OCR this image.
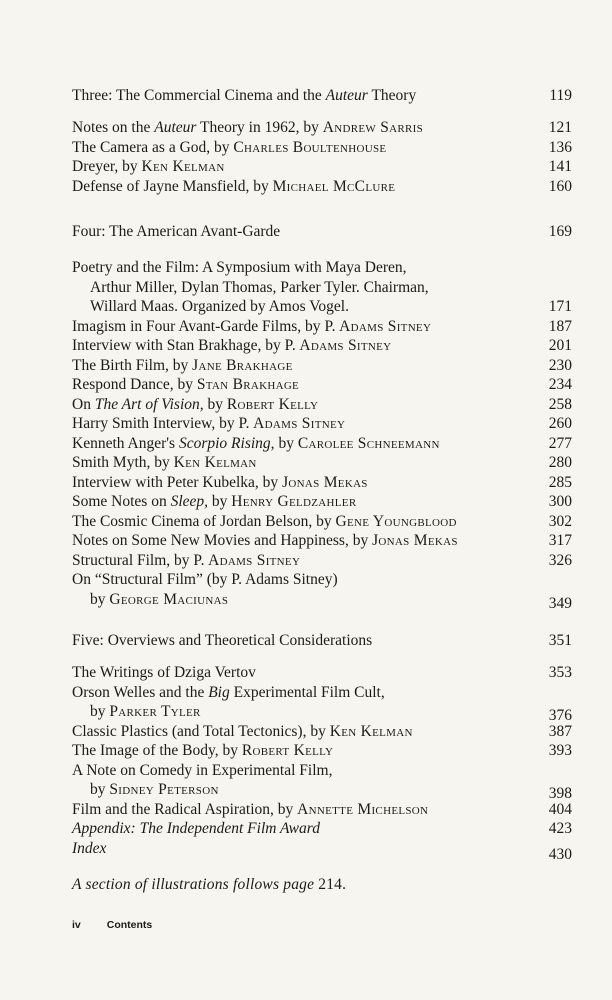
Three: The Commercial Cinema and the Auteur Theory	119
Notes on the Auteur Theory in 1962, by Andrew Sarris	121
The Camera as a God, by Charles Boultenhouse	136
Dreyer, by Ken Kelman	141
Defense of Jayne Mansfield, by Michael McClure	160
Four: The American Avant-Garde	169
Poetry and the Film: A Symposium with Maya Deren,
Arthur Miller, Dylan Thomas, Parker Tyler. Chairman,
Willard Maas. Organized by Amos Vogel.	171
Imagism in Four Avant-Garde Films, by P. Adams Sitney	187
Interview with Stan Brakhage, by P. Adams Sitney	201
The Birth Film, by Jane Brakhage	230
Respond Dance, by Stan Brakhage	234
On The Art of Vision, by Robert Kelly	258
Harry Smith Interview, by P. Adams Sitney	260
Kenneth Anger's Scorpio Rising, by Carolee Schneemann	277
Smith Myth, by Ken Kelman	280
Interview with Peter Kubelka, by Jonas Mekas	285
Some Notes on Sleep, by Henry Geldzahler	300
The Cosmic Cinema of Jordan Belson, by Gene Youngblood	302
Notes on Some New Movies and Happiness, by Jonas Mekas	317
Structural Film, by P. Adams Sitney	326
On “Structural Film” (by P. Adams Sitney)
by George Maciunas	349
Five: Overviews and Theoretical Considerations	351
The Writings of Dziga Vertov	353
Orson Welles and the Big Experimental Film Cult,
by Parker Tyler	376
Classic Plastics (and Total Tectonics), by Ken Kelman	387
The Image of the Body, by Robert Kelly	393
A Note on Comedy in Experimental Film,
by Sidney Peterson	398
Film and the Radical Aspiration, by Annette Michelson	404
Appendix: The Independent Film Award	423
Index	430
A section of illustrations follows page 214.
iv Contents
